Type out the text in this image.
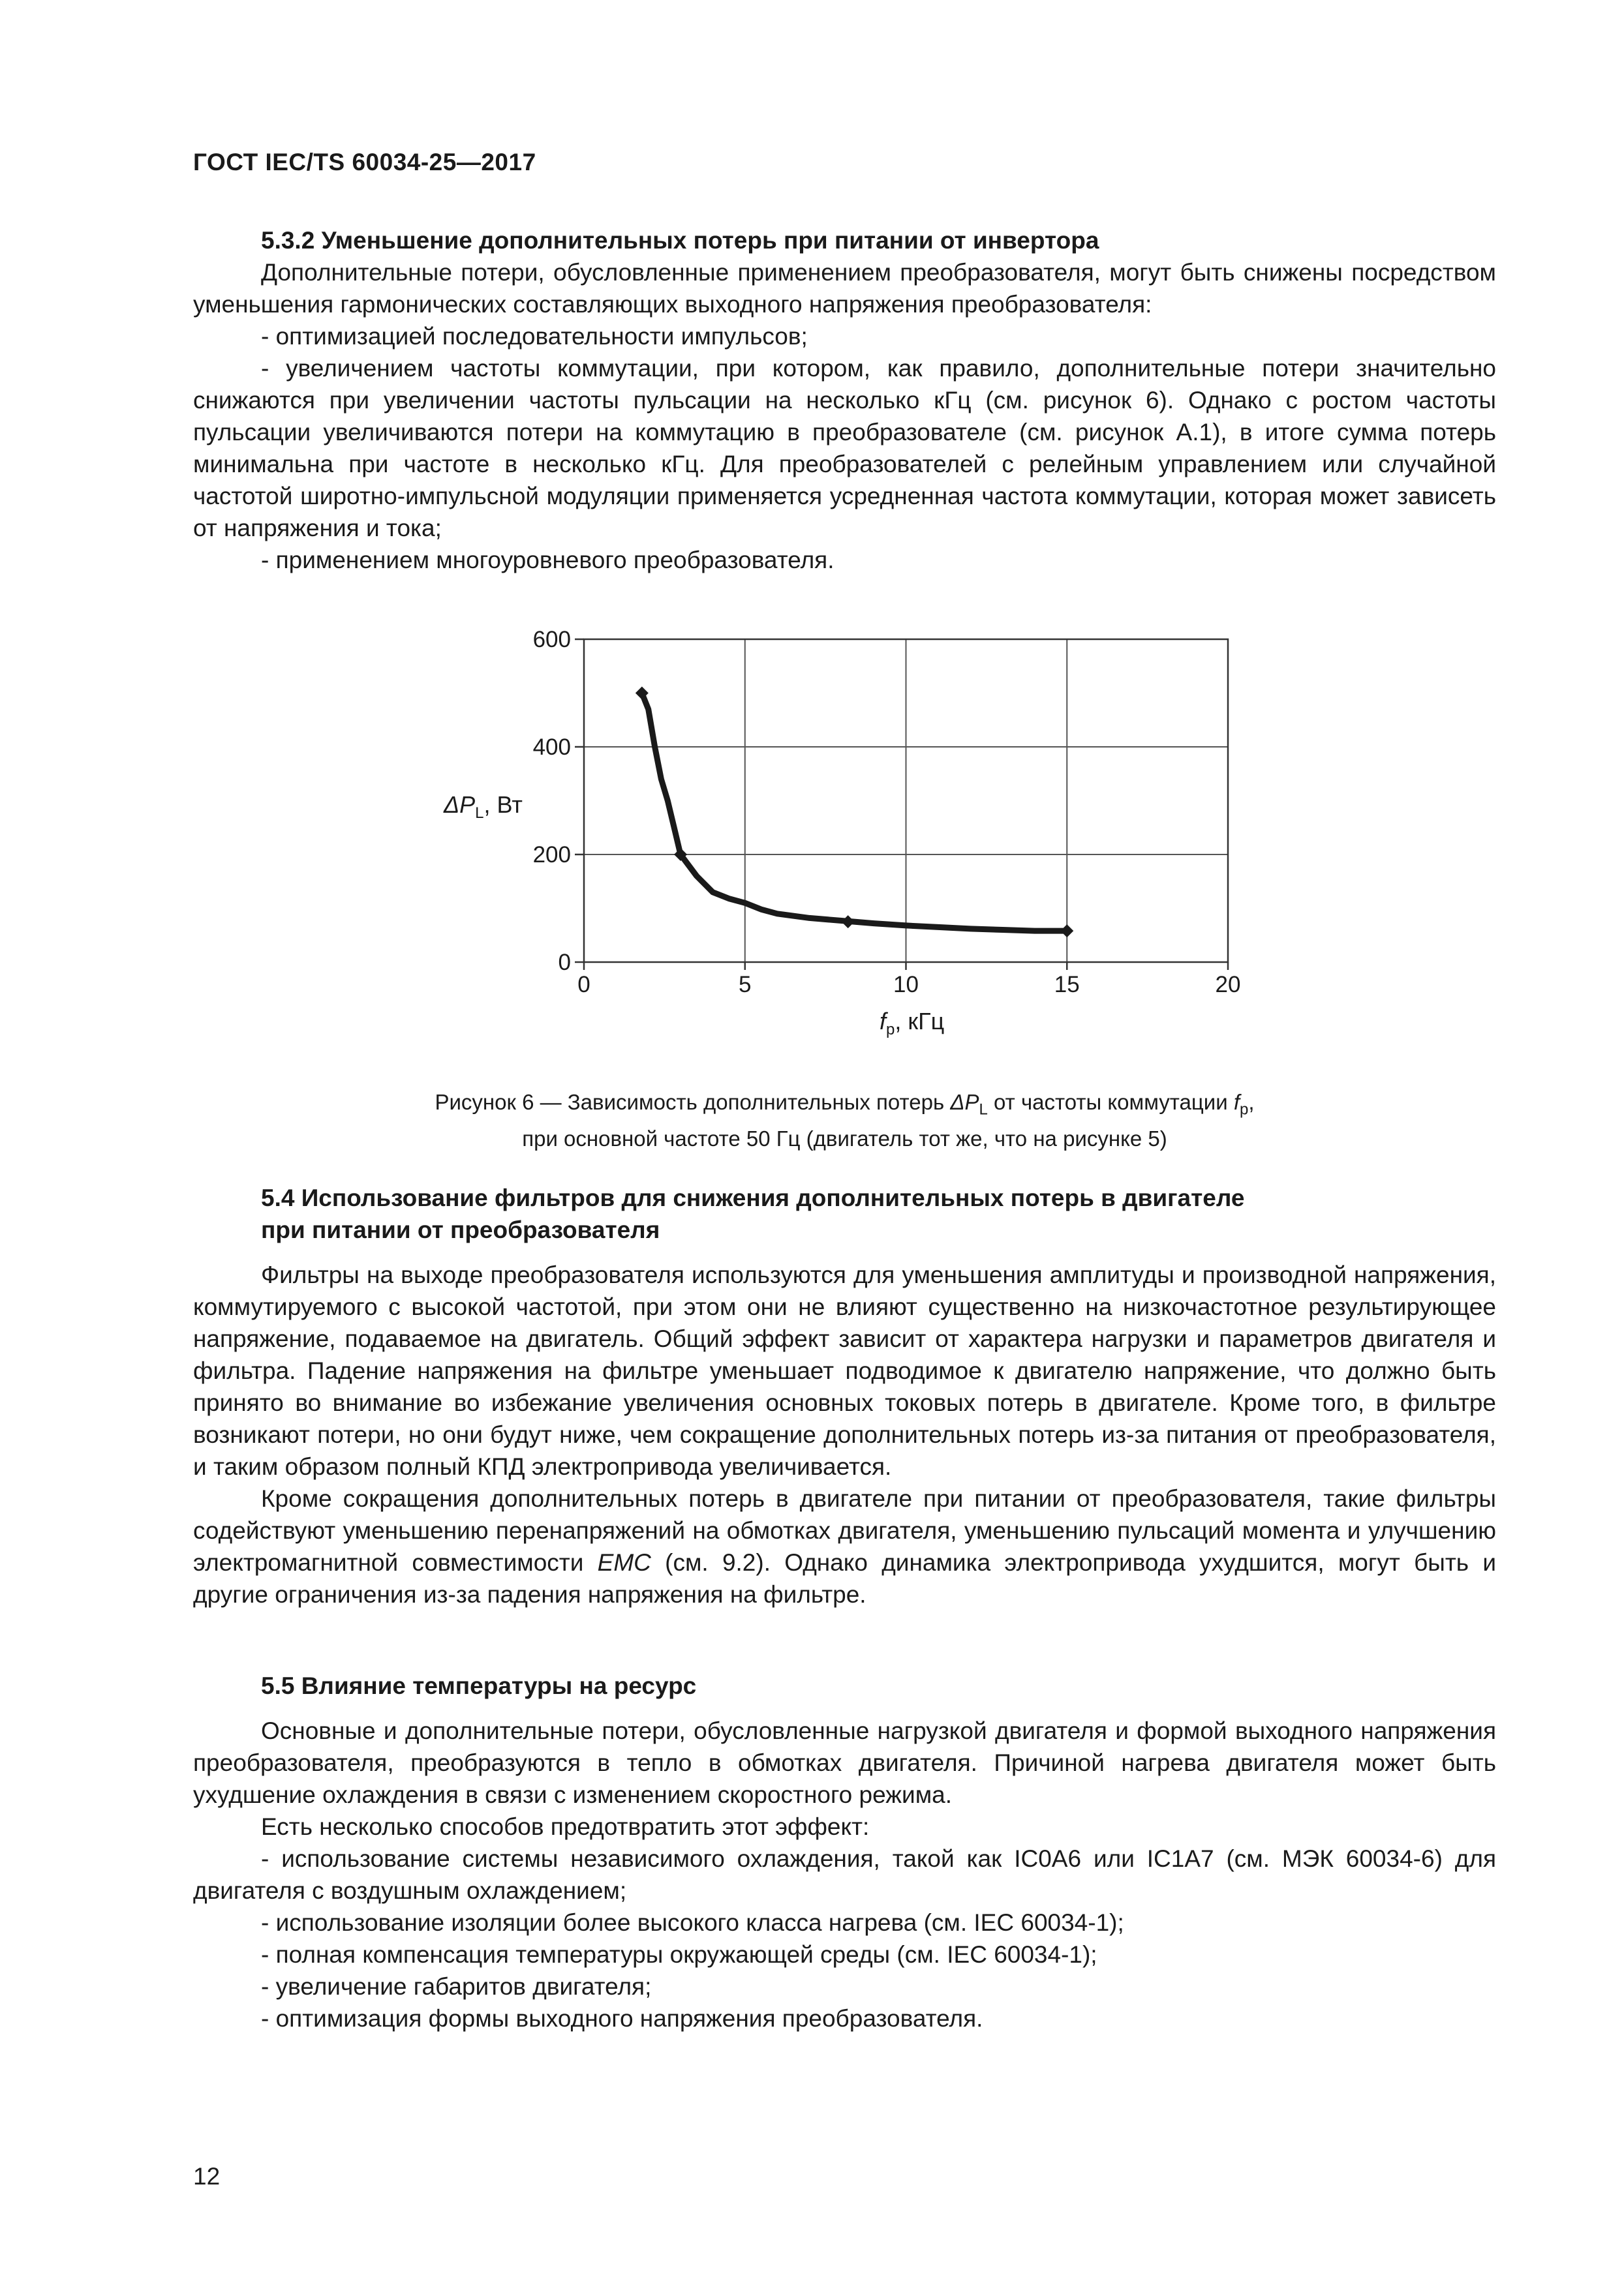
ГОСТ IEC/TS 60034-25—2017

5.3.2 Уменьшение дополнительных потерь при питании от инвертора

Дополнительные потери, обусловленные применением преобразователя, могут быть снижены посредством уменьшения гармонических составляющих выходного напряжения преобразователя:

- оптимизацией последовательности импульсов;

- увеличением частоты коммутации, при котором, как правило, дополнительные потери значительно снижаются при увеличении частоты пульсации на несколько кГц (см. рисунок 6). Однако с ростом частоты пульсации увеличиваются потери на коммутацию в преобразователе (см. рисунок А.1), в итоге сумма потерь минимальна при частоте в несколько кГц. Для преобразователей с релейным управлением или случайной частотой широтно-импульсной модуляции применяется усредненная частота коммутации, которая может зависеть от напряжения и тока;

- применением многоуровневого преобразователя.

0
200
400
600
0	5	10	15	20
$\Delta P_L$, Вт
$f_p$, кГц
Рисунок 6 — Зависимость дополнительных потерь $\Delta P_L$ от частоты коммутации $f_p$,
при основной частоте 50 Гц (двигатель тот же, что на рисунке 5)

5.4 Использование фильтров для снижения дополнительных потерь в двигателе

при питании от преобразователя

Фильтры на выходе преобразователя используются для уменьшения амплитуды и производной напряжения, коммутируемого с высокой частотой, при этом они не влияют существенно на низкочастотное результирующее напряжение, подаваемое на двигатель. Общий эффект зависит от характера нагрузки и параметров двигателя и фильтра. Падение напряжения на фильтре уменьшает подводимое к двигателю напряжение, что должно быть принято во внимание во избежание увеличения основных токовых потерь в двигателе. Кроме того, в фильтре возникают потери, но они будут ниже, чем сокращение дополнительных потерь из-за питания от преобразователя, и таким образом полный КПД электропривода увеличивается.

Кроме сокращения дополнительных потерь в двигателе при питании от преобразователя, такие фильтры содействуют уменьшению перенапряжений на обмотках двигателя, уменьшению пульсаций момента и улучшению электромагнитной совместимости ЕМС (см. 9.2). Однако динамика электропривода ухудшится, могут быть и другие ограничения из-за падения напряжения на фильтре.

5.5 Влияние температуры на ресурс

Основные и дополнительные потери, обусловленные нагрузкой двигателя и формой выходного напряжения преобразователя, преобразуются в тепло в обмотках двигателя. Причиной нагрева двигателя может быть ухудшение охлаждения в связи с изменением скоростного режима.

Есть несколько способов предотвратить этот эффект:

- использование системы независимого охлаждения, такой как IC0A6 или IC1A7 (см. МЭК 60034-6) для двигателя с воздушным охлаждением;

- использование изоляции более высокого класса нагрева (см. IEC 60034-1);

- полная компенсация температуры окружающей среды (см. IEC 60034-1);

- увеличение габаритов двигателя;

- оптимизация формы выходного напряжения преобразователя.

12
